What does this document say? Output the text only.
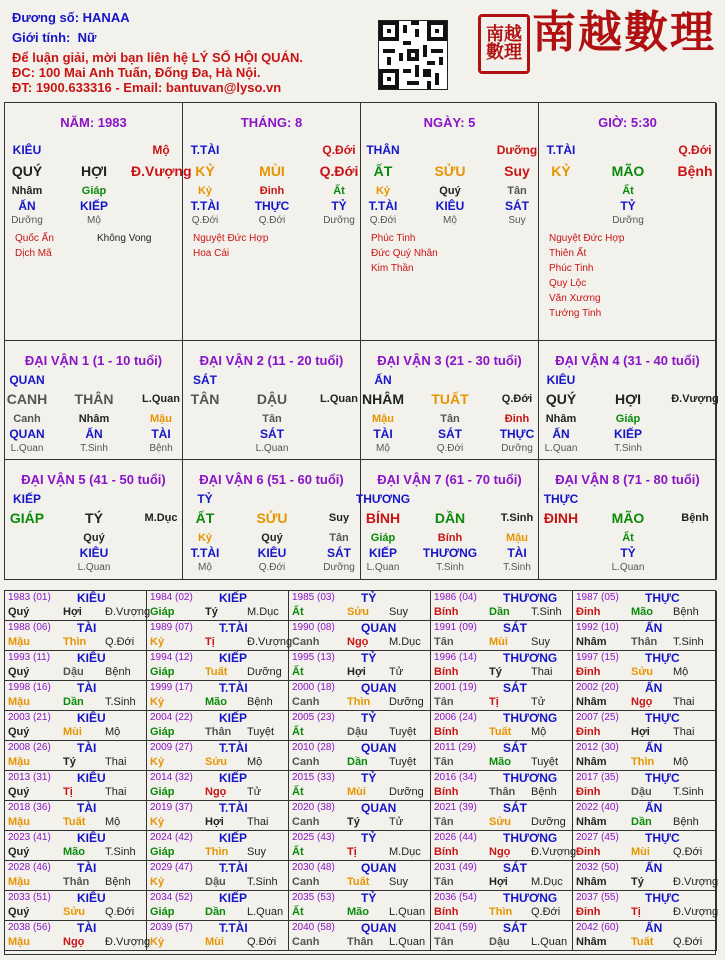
Đương số: HANAA
Giới tính: Nữ
Để luận giải, mời bạn liên hệ LÝ SỐ HỘI QUÁN.
ĐC: 100 Mai Anh Tuấn, Đống Đa, Hà Nội.
ĐT: 1900.633316 - Email: bantuvan@lyso.vn
南越 數理 南越數理
NĂM: 1983
KIÊU	Mộ
QUÝ	HỢI	Đ.Vượng
Nhâm	Giáp
ẤN	KIẾP
Dưỡng	Mộ
Quốc Ấn
Dịch Mã
Không Vong
THÁNG: 8
T.TÀI	Q.Đới
KỶ	MÙI	Q.Đới
Kỷ	Đinh	Ất
T.TÀI	THỰC	TỶ
Q.Đới	Q.Đới	Dưỡng
Nguyệt Đức Hợp
Hoa Cái
NGÀY: 5
THÂN	Dưỡng
ẤT	SỬU	Suy
Kỷ	Quý	Tân
T.TÀI	KIÊU	SÁT
Q.Đới	Mộ	Suy
Phúc Tinh
Đức Quý Nhân
Kim Thần
GIỜ: 5:30
T.TÀI	Q.Đới
KỶ	MÃO	Bệnh
Ất
TỶ
Dưỡng
Nguyệt Đức Hợp
Thiên Ất
Phúc Tinh
Quy Lộc
Văn Xương
Tướng Tinh
ĐẠI VẬN 1 (1 - 10 tuổi)
QUAN
CANH	THÂN	L.Quan
Canh	Nhâm	Mậu
QUAN	ẤN	TÀI
L.Quan	T.Sinh	Bệnh
ĐẠI VẬN 2 (11 - 20 tuổi)
SÁT
TÂN	DẬU	L.Quan
Tân
SÁT
L.Quan
ĐẠI VẬN 3 (21 - 30 tuổi)
ẤN
NHÂM	TUẤT	Q.Đới
Mậu	Tân	Đinh
TÀI	SÁT	THỰC
Mộ	Q.Đới	Dưỡng
ĐẠI VẬN 4 (31 - 40 tuổi)
KIÊU
QUÝ	HỢI	Đ.Vượng
Nhâm	Giáp
ẤN	KIẾP
L.Quan	T.Sinh
ĐẠI VẬN 5 (41 - 50 tuổi)
KIẾP
GIÁP	TÝ	M.Dục
Quý
KIÊU
L.Quan
ĐẠI VẬN 6 (51 - 60 tuổi)
TỶ
ẤT	SỬU	Suy
Kỷ	Quý	Tân
T.TÀI	KIÊU	SÁT
Mộ	Q.Đới	Dưỡng
ĐẠI VẬN 7 (61 - 70 tuổi)
THƯƠNG
BÍNH	DẦN	T.Sinh
Giáp	Bính	Mậu
KIẾP	THƯƠNG	TÀI
L.Quan	T.Sinh	T.Sinh
ĐẠI VẬN 8 (71 - 80 tuổi)
THỰC
ĐINH	MÃO	Bệnh
Ất
TỶ
L.Quan
1983 (01) KIÊU
Quý	Hợi Đ.Vượng
1984 (02) KIẾP
Giáp	Tý	M.Dục
1985 (03) TỶ
Ất	Sửu Suy
1986 (04) THƯƠNG
Bính	Dần T.Sinh
1987 (05) THỰC
Đinh	Mão Bệnh
1988 (06) TÀI
Mậu	Thìn Q.Đới
1989 (07) T.TÀI
Kỷ	Tị	Đ.Vượng
1990 (08) QUAN
Canh	Ngọ M.Dục
1991 (09) SÁT
Tân	Mùi Suy
1992 (10) ẤN
Nhâm Thân T.Sinh
1993 (11) KIÊU
Quý	Dậu Bệnh
1994 (12) KIẾP
Giáp	Tuất Dưỡng
1995 (13) TỶ
Ất	Hợi Tử
1996 (14) THƯƠNG
Bính	Tý	Thai
1997 (15) THỰC
Đinh	Sửu Mộ
1998 (16) TÀI
Mậu	Dần T.Sinh
1999 (17) T.TÀI
Kỷ	Mão Bệnh
2000 (18) QUAN
Canh	Thìn Dưỡng
2001 (19) SÁT
Tân	Tị	Tử
2002 (20) ẤN
Nhâm Ngọ Thai
2003 (21) KIÊU
Quý	Mùi Mộ
2004 (22) KIẾP
Giáp	Thân Tuyệt
2005 (23) TỶ
Ất	Dậu Tuyệt
2006 (24) THƯƠNG
Bính	Tuất Mộ
2007 (25) THỰC
Đinh	Hợi Thai
2008 (26) TÀI
Mậu	Tý	Thai
2009 (27) T.TÀI
Kỷ	Sửu Mộ
2010 (28) QUAN
Canh	Dần Tuyệt
2011 (29) SÁT
Tân	Mão Tuyệt
2012 (30) ẤN
Nhâm Thìn Mộ
2013 (31) KIÊU
Quý	Tị	Thai
2014 (32) KIẾP
Giáp	Ngọ Tử
2015 (33) TỶ
Ất	Mùi Dưỡng
2016 (34) THƯƠNG
Bính	Thân Bệnh
2017 (35) THỰC
Đinh	Dậu T.Sinh
2018 (36) TÀI
Mậu	Tuất Mộ
2019 (37) T.TÀI
Kỷ	Hợi Thai
2020 (38) QUAN
Canh	Tý	Tử
2021 (39) SÁT
Tân	Sửu Dưỡng
2022 (40) ẤN
Nhâm Dần Bệnh
2023 (41) KIÊU
Quý	Mão T.Sinh
2024 (42) KIẾP
Giáp	Thìn Suy
2025 (43) TỶ
Ất	Tị	M.Dục
2026 (44) THƯƠNG
Bính	Ngọ Đ.Vượng
2027 (45) THỰC
Đinh	Mùi Q.Đới
2028 (46) TÀI
Mậu	Thân Bệnh
2029 (47) T.TÀI
Kỷ	Dậu T.Sinh
2030 (48) QUAN
Canh	Tuất Suy
2031 (49) SÁT
Tân	Hợi M.Dục
2032 (50) ẤN
Nhâm Tý	Đ.Vượng
2033 (51) KIÊU
Quý	Sửu Q.Đới
2034 (52) KIẾP
Giáp	Dần L.Quan
2035 (53) TỶ
Ất	Mão L.Quan
2036 (54) THƯƠNG
Bính	Thìn Q.Đới
2037 (55) THỰC
Đinh	Tị	Đ.Vượng
2038 (56) TÀI
Mậu	Ngọ Đ.Vượng
2039 (57) T.TÀI
Kỷ	Mùi Q.Đới
2040 (58) QUAN
Canh	Thân L.Quan
2041 (59) SÁT
Tân	Dậu L.Quan
2042 (60) ẤN
Nhâm Tuất Q.Đới
